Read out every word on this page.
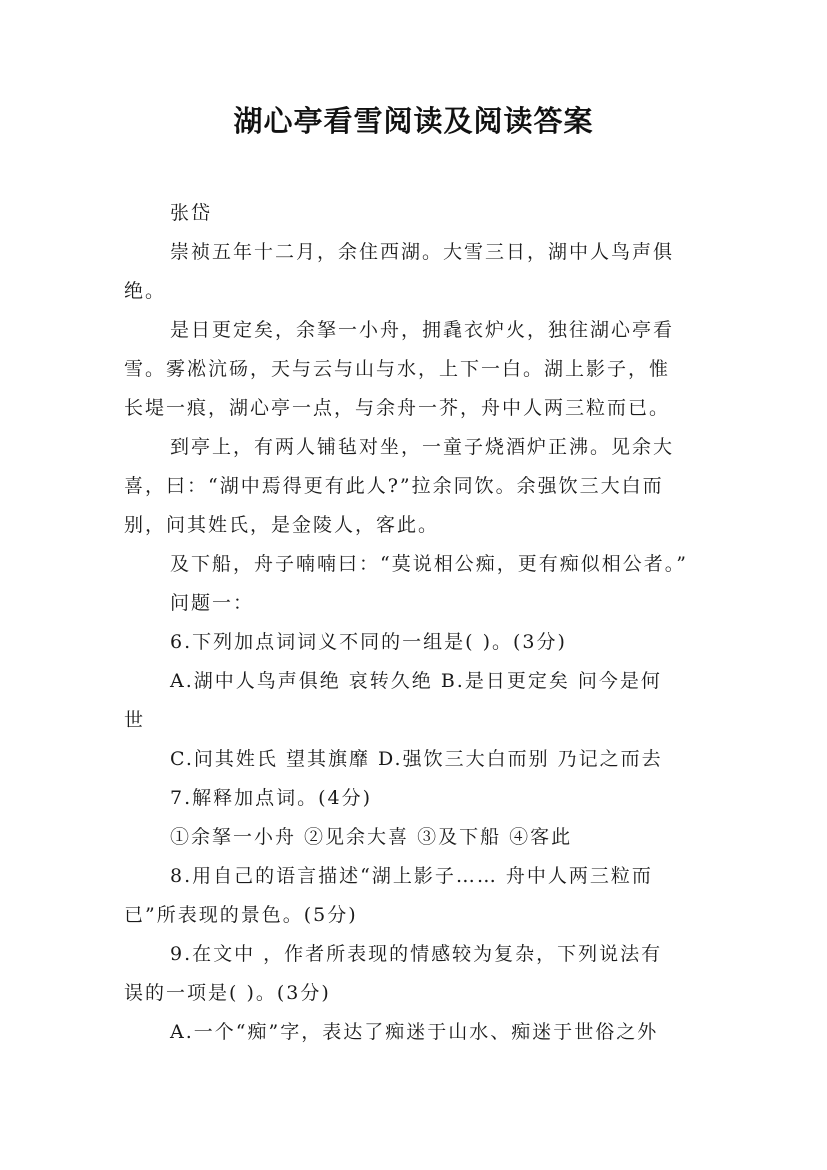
湖心亭看雪阅读及阅读答案
张岱
崇祯五年十二月，余住西湖。大雪三日，湖中人鸟声俱
绝。
是日更定矣，余拏一小舟，拥毳衣炉火，独往湖心亭看
雪。雾凇沆砀，天与云与山与水，上下一白。湖上影子，惟
长堤一痕，湖心亭一点，与余舟一芥，舟中人两三粒而已。
到亭上，有两人铺毡对坐，一童子烧酒炉正沸。见余大
喜，曰：“湖中焉得更有此人?”拉余同饮。余强饮三大白而
别，问其姓氏，是金陵人，客此。
及下船，舟子喃喃曰：“莫说相公痴，更有痴似相公者。”
问题一：
6.下列加点词词义不同的一组是( )。(3分)
A.湖中人鸟声俱绝 哀转久绝 B.是日更定矣 问今是何
世
C.问其姓氏 望其旗靡 D.强饮三大白而别 乃记之而去
7.解释加点词。(4分)
①余拏一小舟 ②见余大喜 ③及下船 ④客此
8.用自己的语言描述“湖上影子…… 舟中人两三粒而
已”所表现的景色。(5分)
9.在文中 ，作者所表现的情感较为复杂，下列说法有
误的一项是( )。(3分)
A.一个“痴”字，表达了痴迷于山水、痴迷于世俗之外
